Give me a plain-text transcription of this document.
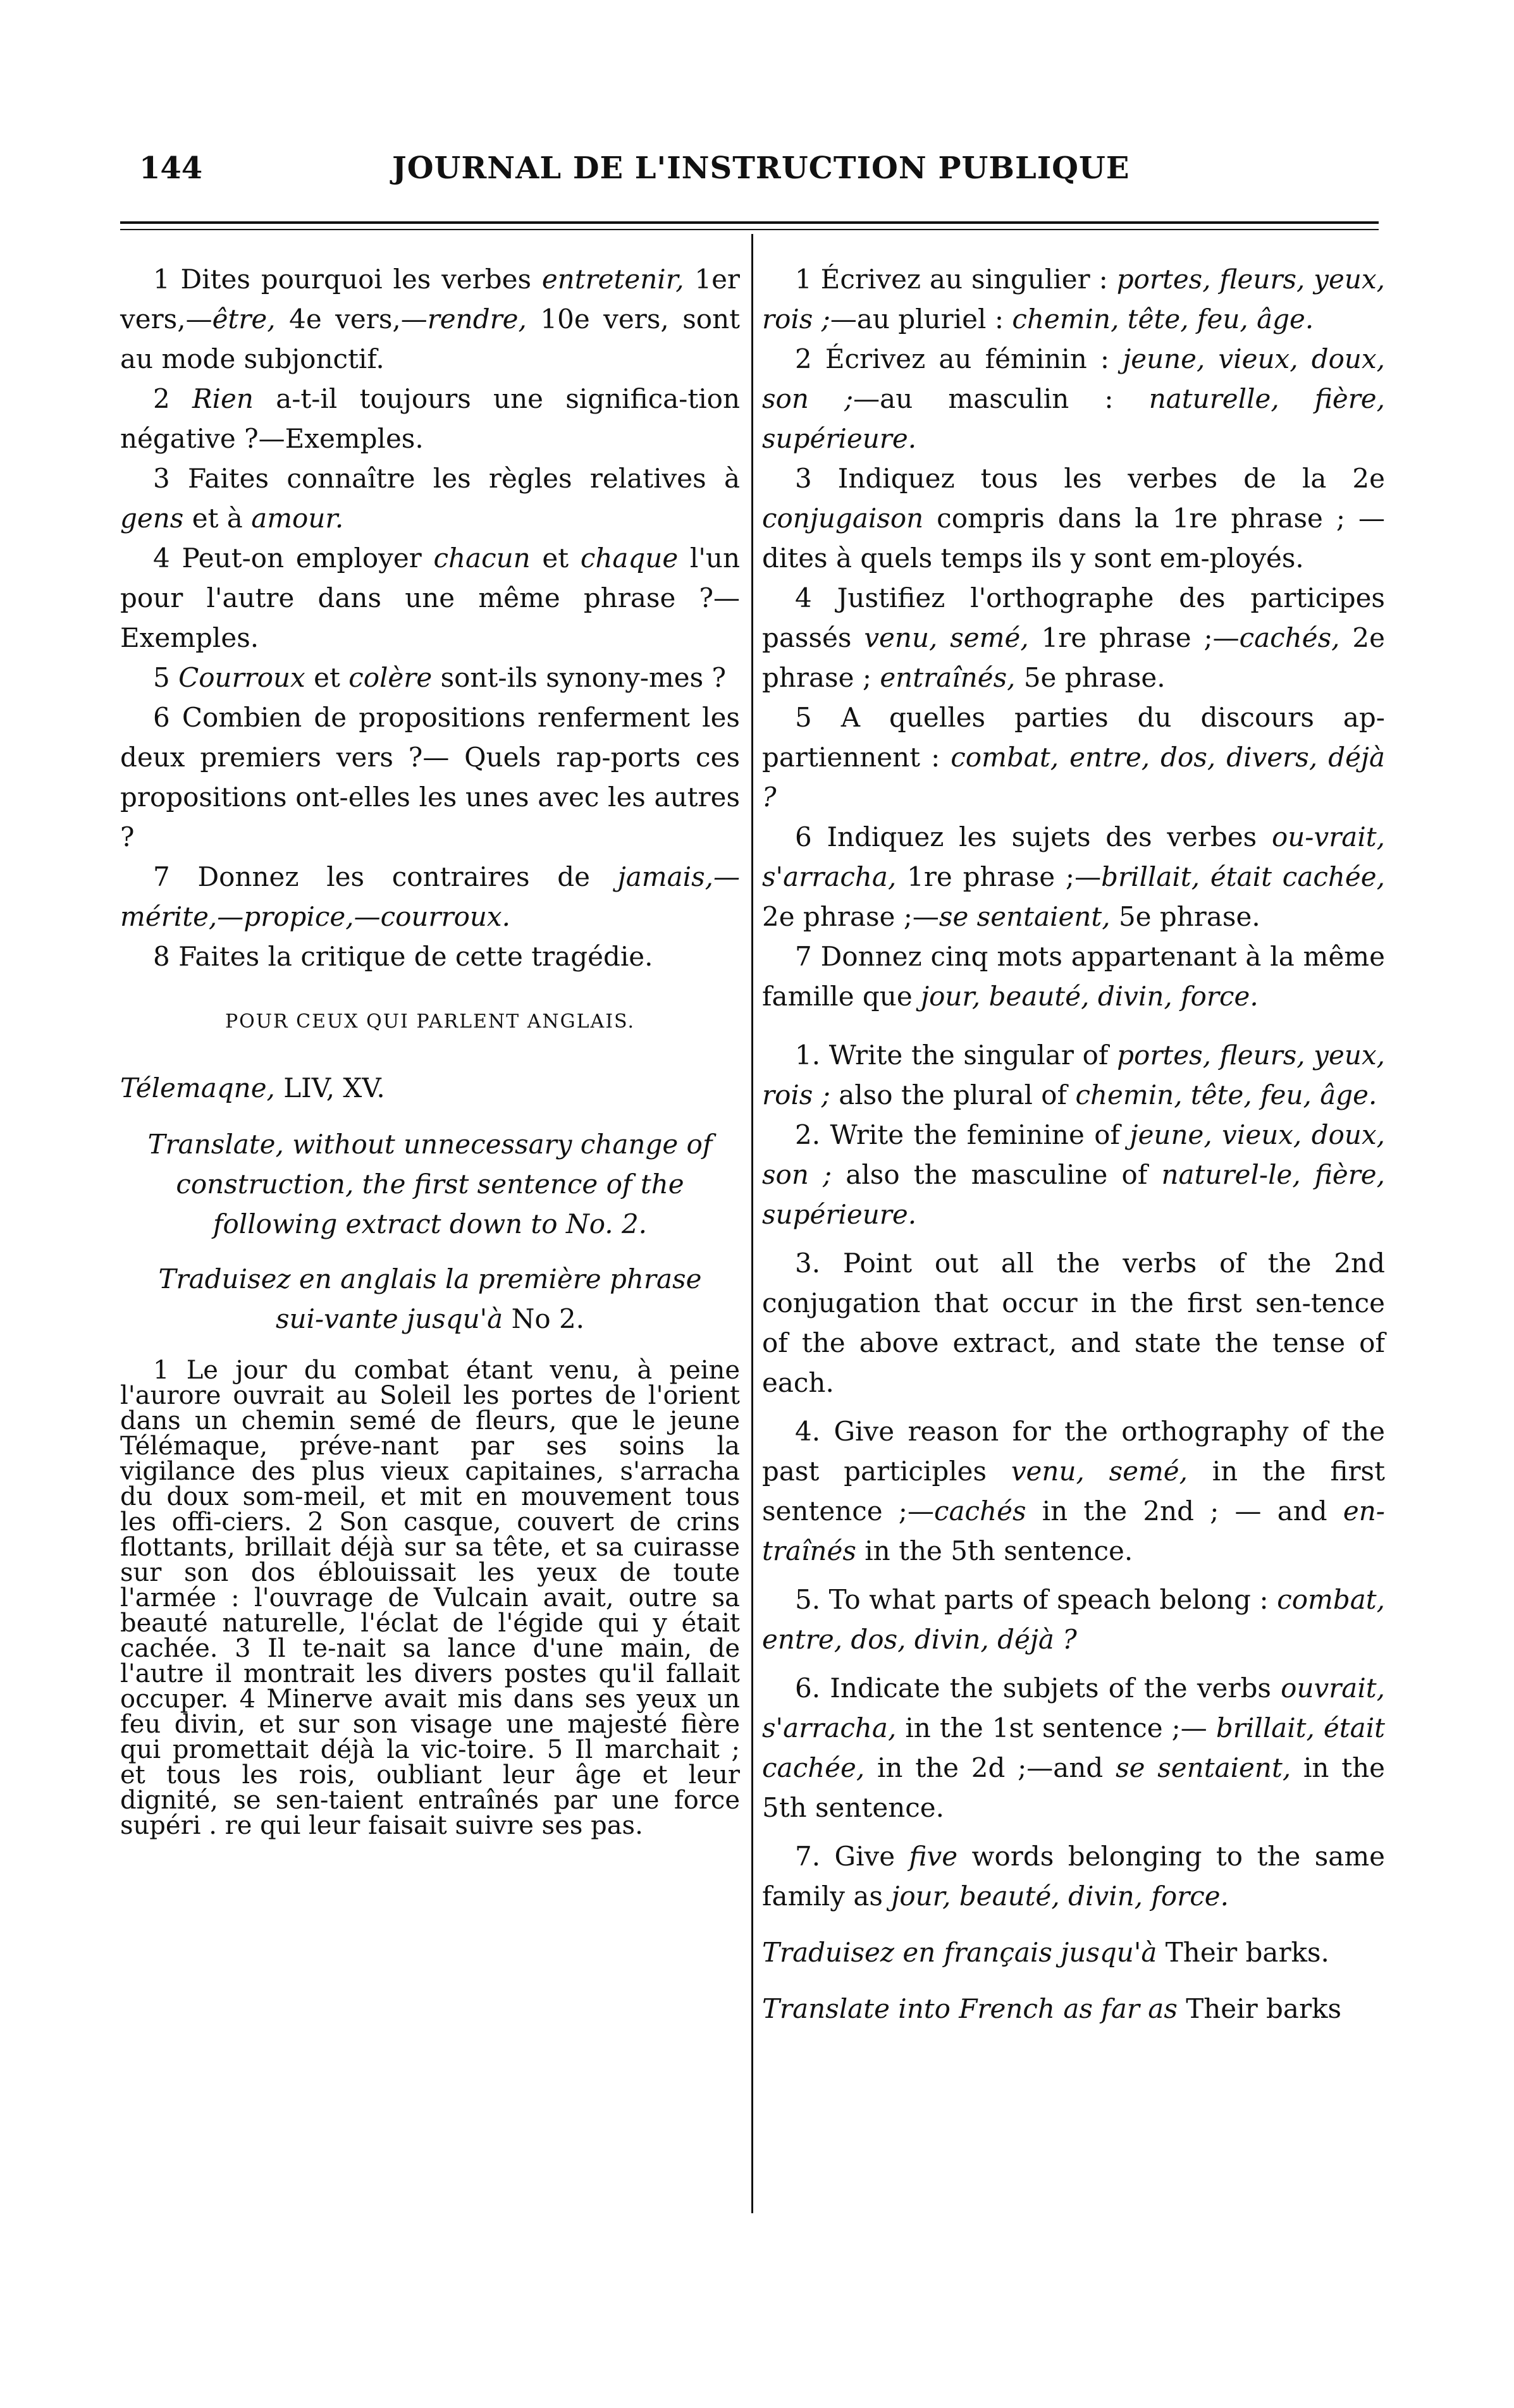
144	JOURNAL DE L'INSTRUCTION PUBLIQUE

1 Dites pourquoi les verbes entretenir, 1er vers,—être, 4e vers,—rendre, 10e vers, sont au mode subjonctif.

2 Rien a-t-il toujours une significa-tion négative ?—Exemples.

3 Faites connaître les règles relatives à gens et à amour.

4 Peut-on employer chacun et chaque l'un pour l'autre dans une même phrase ?—Exemples.

5 Courroux et colère sont-ils synony-mes ?

6 Combien de propositions renferment les deux premiers vers ?— Quels rap-ports ces propositions ont-elles les unes avec les autres ?

7 Donnez les contraires de jamais,—mérite,—propice,—courroux.

8 Faites la critique de cette tragédie.

POUR CEUX QUI PARLENT ANGLAIS.

Télemaqne, LIV, XV.

Translate, without unnecessary change of construction, the first sentence of the following extract down to No. 2.

Traduisez en anglais la première phrase sui-vante jusqu'à No 2.

1 Le jour du combat étant venu, à peine l'aurore ouvrait au Soleil les portes de l'orient dans un chemin semé de fleurs, que le jeune Télémaque, préve-nant par ses soins la vigilance des plus vieux capitaines, s'arracha du doux som-meil, et mit en mouvement tous les offi-ciers. 2 Son casque, couvert de crins flottants, brillait déjà sur sa tête, et sa cuirasse sur son dos éblouissait les yeux de toute l'armée : l'ouvrage de Vulcain avait, outre sa beauté naturelle, l'éclat de l'égide qui y était cachée. 3 Il te-nait sa lance d'une main, de l'autre il montrait les divers postes qu'il fallait occuper. 4 Minerve avait mis dans ses yeux un feu divin, et sur son visage une majesté fière qui promettait déjà la vic-toire. 5 Il marchait ; et tous les rois, oubliant leur âge et leur dignité, se sen-taient entraînés par une force supéri . re qui leur faisait suivre ses pas.

1 Écrivez au singulier : portes, fleurs, yeux, rois ;—au pluriel : chemin, tête, feu, âge.

2 Écrivez au féminin : jeune, vieux, doux, son ;—au masculin : naturelle, fière, supérieure.

3 Indiquez tous les verbes de la 2e conjugaison compris dans la 1re phrase ; —dites à quels temps ils y sont em-ployés.

4 Justifiez l'orthographe des participes passés venu, semé, 1re phrase ;—cachés, 2e phrase ; entraînés, 5e phrase.

5 A quelles parties du discours ap-partiennent : combat, entre, dos, divers, déjà ?

6 Indiquez les sujets des verbes ou-vrait, s'arracha, 1re phrase ;—brillait, était cachée, 2e phrase ;—se sentaient, 5e phrase.

7 Donnez cinq mots appartenant à la même famille que jour, beauté, divin, force.

1. Write the singular of portes, fleurs, yeux, rois ; also the plural of chemin, tête, feu, âge.

2. Write the feminine of jeune, vieux, doux, son ; also the masculine of naturel-le, fière, supérieure.

3. Point out all the verbs of the 2nd conjugation that occur in the first sen-tence of the above extract, and state the tense of each.

4. Give reason for the orthography of the past participles venu, semé, in the first sentence ;—cachés in the 2nd ; — and en-traînés in the 5th sentence.

5. To what parts of speach belong : combat, entre, dos, divin, déjà ?

6. Indicate the subjets of the verbs ouvrait, s'arracha, in the 1st sentence ;— brillait, était cachée, in the 2d ;—and se sentaient, in the 5th sentence.

7. Give five words belonging to the same family as jour, beauté, divin, force.

Traduisez en français jusqu'à Their barks.

Translate into French as far as Their barks
